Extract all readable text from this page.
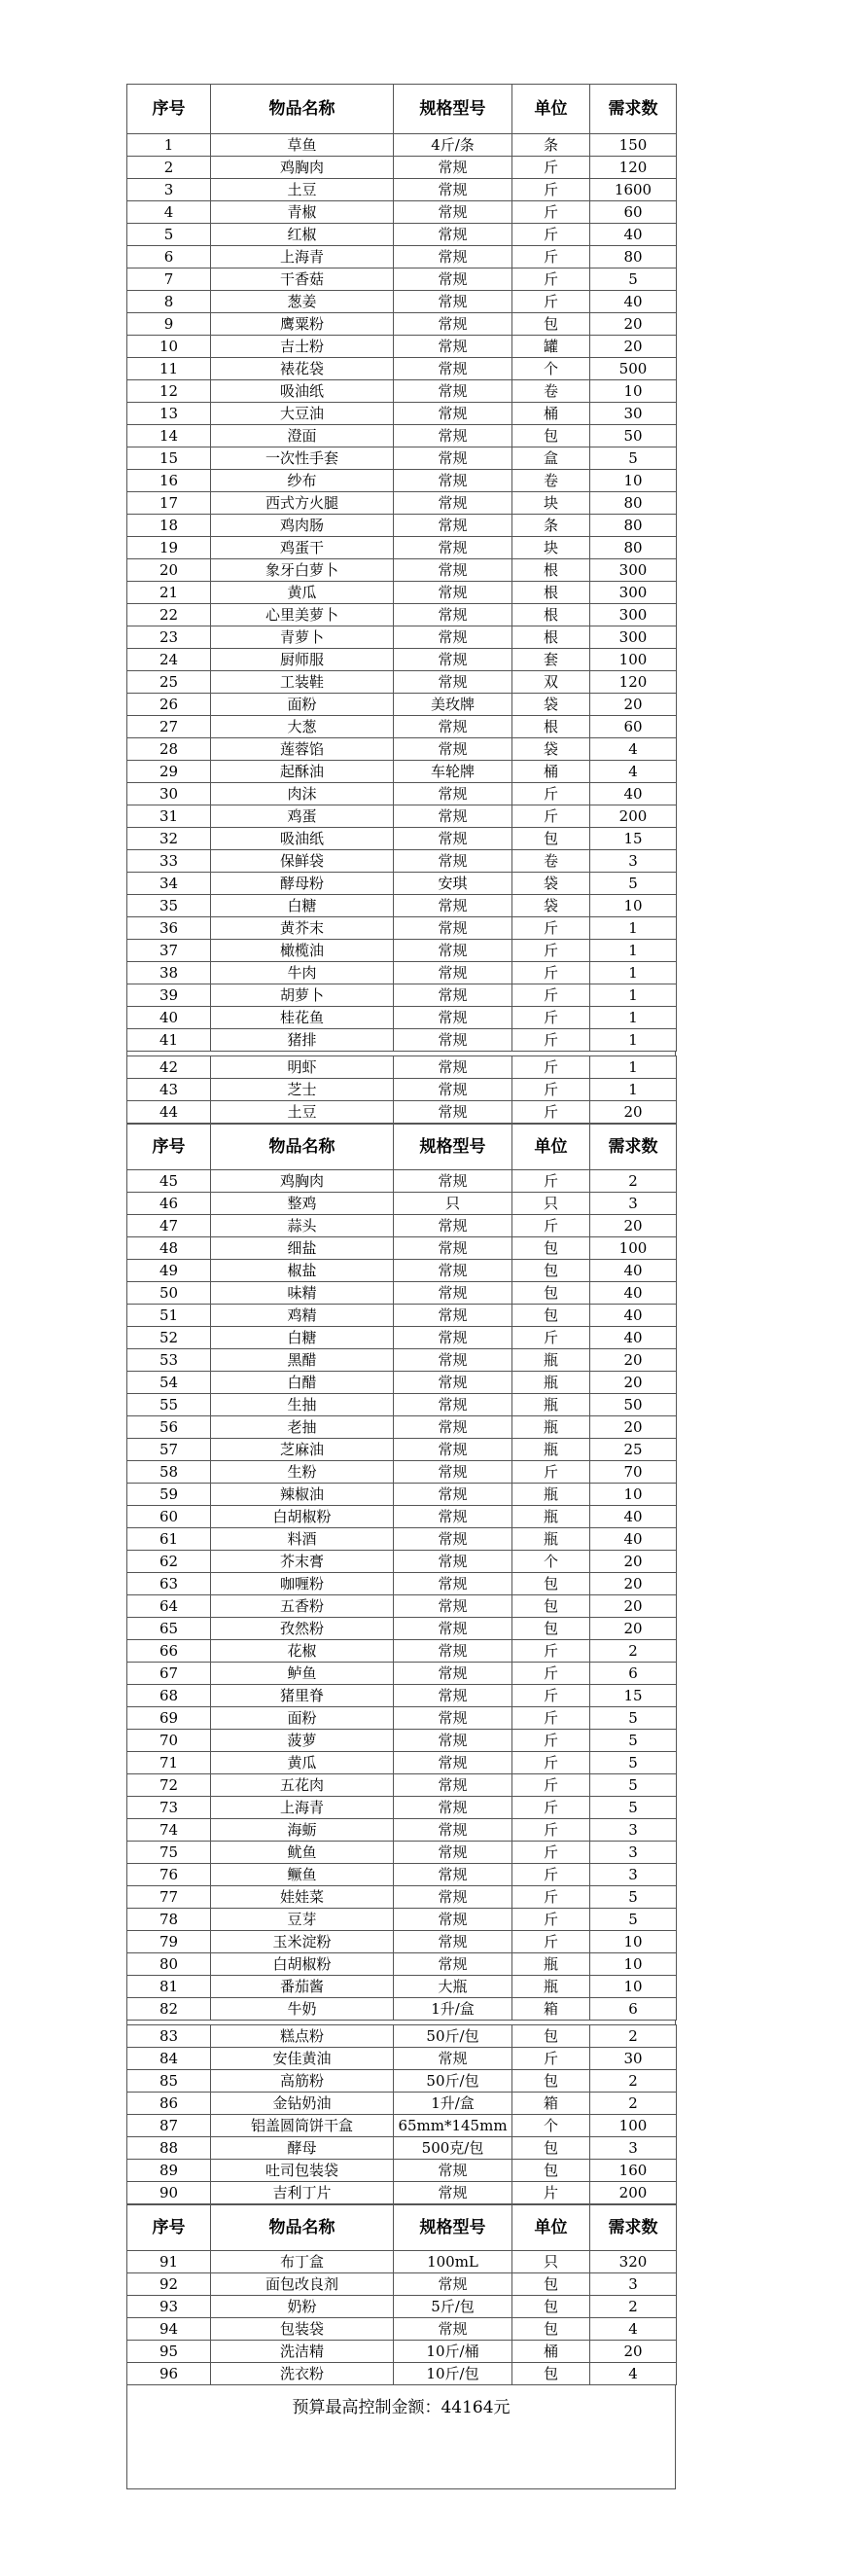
序号	物品名称	规格型号	单位	需求数
1	草鱼	4斤/条	条	150
2	鸡胸肉	常规	斤	120
3	土豆	常规	斤	1600
4	青椒	常规	斤	60
5	红椒	常规	斤	40
6	上海青	常规	斤	80
7	干香菇	常规	斤	5
8	葱姜	常规	斤	40
9	鹰粟粉	常规	包	20
10	吉士粉	常规	罐	20
11	裱花袋	常规	个	500
12	吸油纸	常规	卷	10
13	大豆油	常规	桶	30
14	澄面	常规	包	50
15	一次性手套	常规	盒	5
16	纱布	常规	卷	10
17	西式方火腿	常规	块	80
18	鸡肉肠	常规	条	80
19	鸡蛋干	常规	块	80
20	象牙白萝卜	常规	根	300
21	黄瓜	常规	根	300
22	心里美萝卜	常规	根	300
23	青萝卜	常规	根	300
24	厨师服	常规	套	100
25	工装鞋	常规	双	120
26	面粉	美玫牌	袋	20
27	大葱	常规	根	60
28	莲蓉馅	常规	袋	4
29	起酥油	车轮牌	桶	4
30	肉沫	常规	斤	40
31	鸡蛋	常规	斤	200
32	吸油纸	常规	包	15
33	保鲜袋	常规	卷	3
34	酵母粉	安琪	袋	5
35	白糖	常规	袋	10
36	黄芥末	常规	斤	1
37	橄榄油	常规	斤	1
38	牛肉	常规	斤	1
39	胡萝卜	常规	斤	1
40	桂花鱼	常规	斤	1
41	猪排	常规	斤	1
42	明虾	常规	斤	1
43	芝士	常规	斤	1
44	土豆	常规	斤	20
序号	物品名称	规格型号	单位	需求数
45	鸡胸肉	常规	斤	2
46	整鸡	只	只	3
47	蒜头	常规	斤	20
48	细盐	常规	包	100
49	椒盐	常规	包	40
50	味精	常规	包	40
51	鸡精	常规	包	40
52	白糖	常规	斤	40
53	黑醋	常规	瓶	20
54	白醋	常规	瓶	20
55	生抽	常规	瓶	50
56	老抽	常规	瓶	20
57	芝麻油	常规	瓶	25
58	生粉	常规	斤	70
59	辣椒油	常规	瓶	10
60	白胡椒粉	常规	瓶	40
61	料酒	常规	瓶	40
62	芥末膏	常规	个	20
63	咖喱粉	常规	包	20
64	五香粉	常规	包	20
65	孜然粉	常规	包	20
66	花椒	常规	斤	2
67	鲈鱼	常规	斤	6
68	猪里脊	常规	斤	15
69	面粉	常规	斤	5
70	菠萝	常规	斤	5
71	黄瓜	常规	斤	5
72	五花肉	常规	斤	5
73	上海青	常规	斤	5
74	海蛎	常规	斤	3
75	鱿鱼	常规	斤	3
76	鳜鱼	常规	斤	3
77	娃娃菜	常规	斤	5
78	豆芽	常规	斤	5
79	玉米淀粉	常规	斤	10
80	白胡椒粉	常规	瓶	10
81	番茄酱	大瓶	瓶	10
82	牛奶	1升/盒	箱	6
83	糕点粉	50斤/包	包	2
84	安佳黄油	常规	斤	30
85	高筋粉	50斤/包	包	2
86	金钻奶油	1升/盒	箱	2
87	铝盖圆筒饼干盒	65mm*145mm	个	100
88	酵母	500克/包	包	3
89	吐司包装袋	常规	包	160
90	吉利丁片	常规	片	200
序号	物品名称	规格型号	单位	需求数
91	布丁盒	100mL	只	320
92	面包改良剂	常规	包	3
93	奶粉	5斤/包	包	2
94	包装袋	常规	包	4
95	洗洁精	10斤/桶	桶	20
96	洗衣粉	10斤/包	包	4
预算最高控制金额：44164元
